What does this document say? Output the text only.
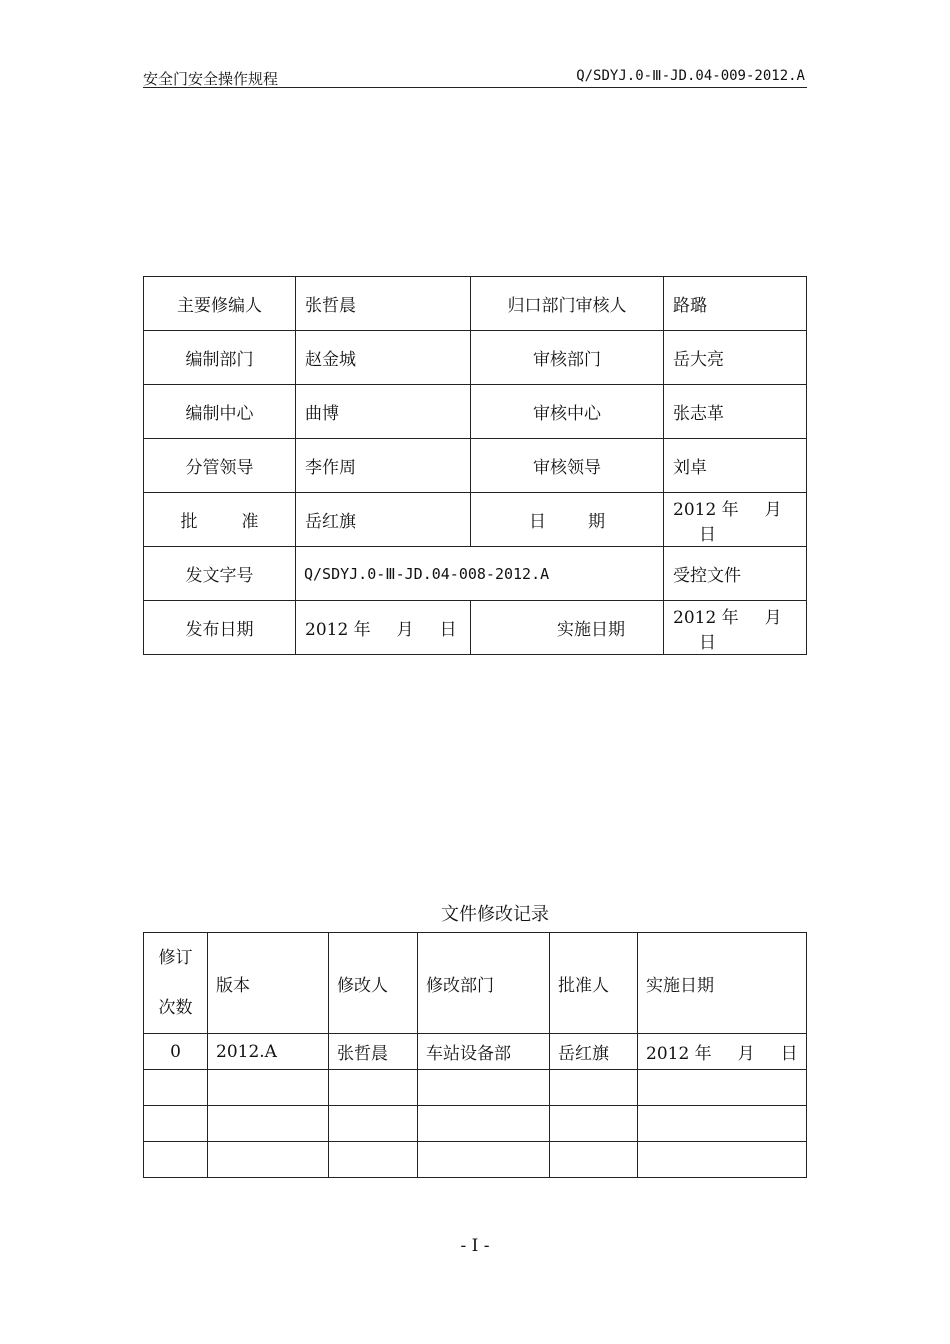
安全门安全操作规程	Q/SDYJ.0-Ⅲ-JD.04-009-2012.A
主要修编人	张哲晨	归口部门审核人	路璐
编制部门	赵金城	审核部门	岳大亮
编制中心	曲博	审核中心	张志革
分管领导	李作周	审核领导	刘卓
批 准	岳红旗	日 期	2012 年 月日
发文字号	Q/SDYJ.0-Ⅲ-JD.04-008-2012.A		受控文件
发布日期	2012 年 月 日	实施日期	2012 年 月日
文件修改记录
修订
次数	版本	修改人	修改部门	批准人	实施日期
0	2012.A	张哲晨	车站设备部	岳红旗	2012 年 月 日

- I -
